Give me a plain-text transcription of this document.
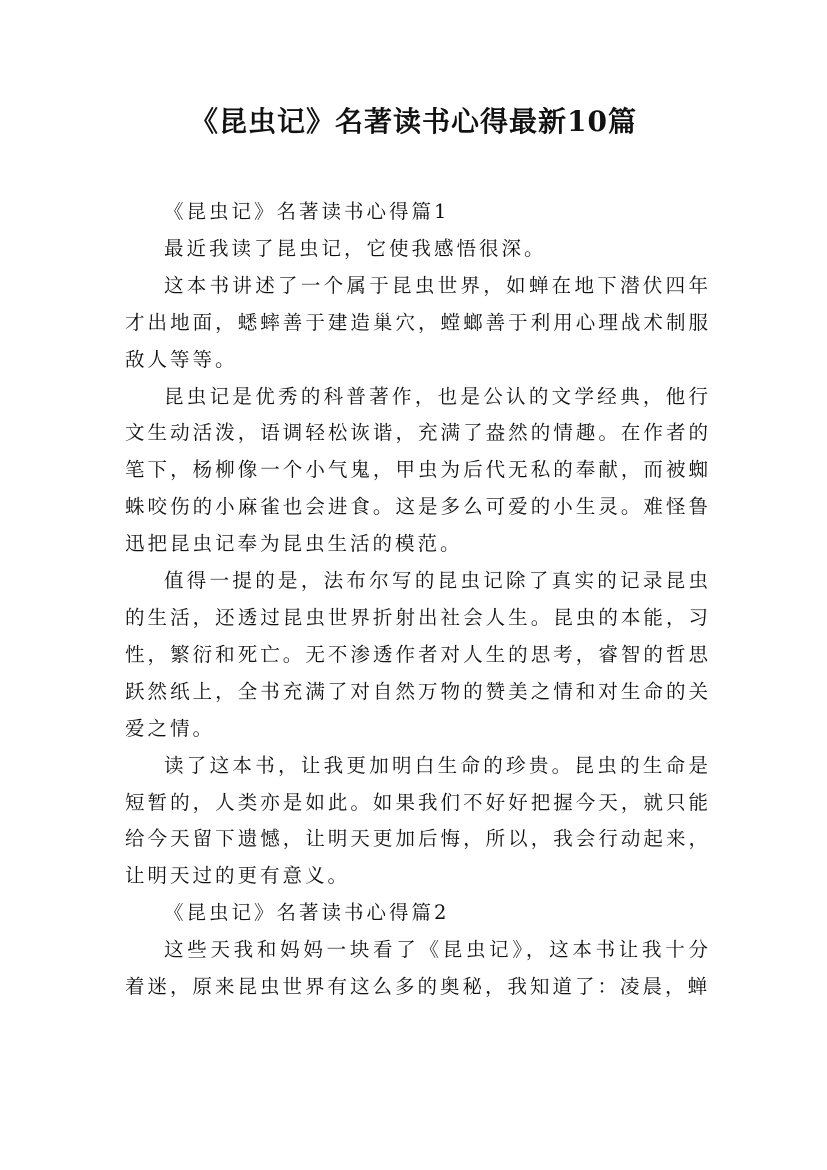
《昆虫记》名著读书心得最新10篇

《昆虫记》名著读书心得篇1

最近我读了昆虫记，它使我感悟很深。

这本书讲述了一个属于昆虫世界，如蝉在地下潜伏四年才出地面，蟋蟀善于建造巢穴，螳螂善于利用心理战术制服敌人等等。

昆虫记是优秀的科普著作，也是公认的文学经典，他行文生动活泼，语调轻松诙谐，充满了盎然的情趣。在作者的笔下，杨柳像一个小气鬼，甲虫为后代无私的奉献，而被蜘蛛咬伤的小麻雀也会进食。这是多么可爱的小生灵。难怪鲁迅把昆虫记奉为昆虫生活的模范。

值得一提的是，法布尔写的昆虫记除了真实的记录昆虫的生活，还透过昆虫世界折射出社会人生。昆虫的本能，习性，繁衍和死亡。无不渗透作者对人生的思考，睿智的哲思跃然纸上，全书充满了对自然万物的赞美之情和对生命的关爱之情。

读了这本书，让我更加明白生命的珍贵。昆虫的生命是短暂的，人类亦是如此。如果我们不好好把握今天，就只能给今天留下遗憾，让明天更加后悔，所以，我会行动起来，让明天过的更有意义。

《昆虫记》名著读书心得篇2

这些天我和妈妈一块看了《昆虫记》，这本书让我十分着迷，原来昆虫世界有这么多的奥秘，我知道了：凌晨，蝉
